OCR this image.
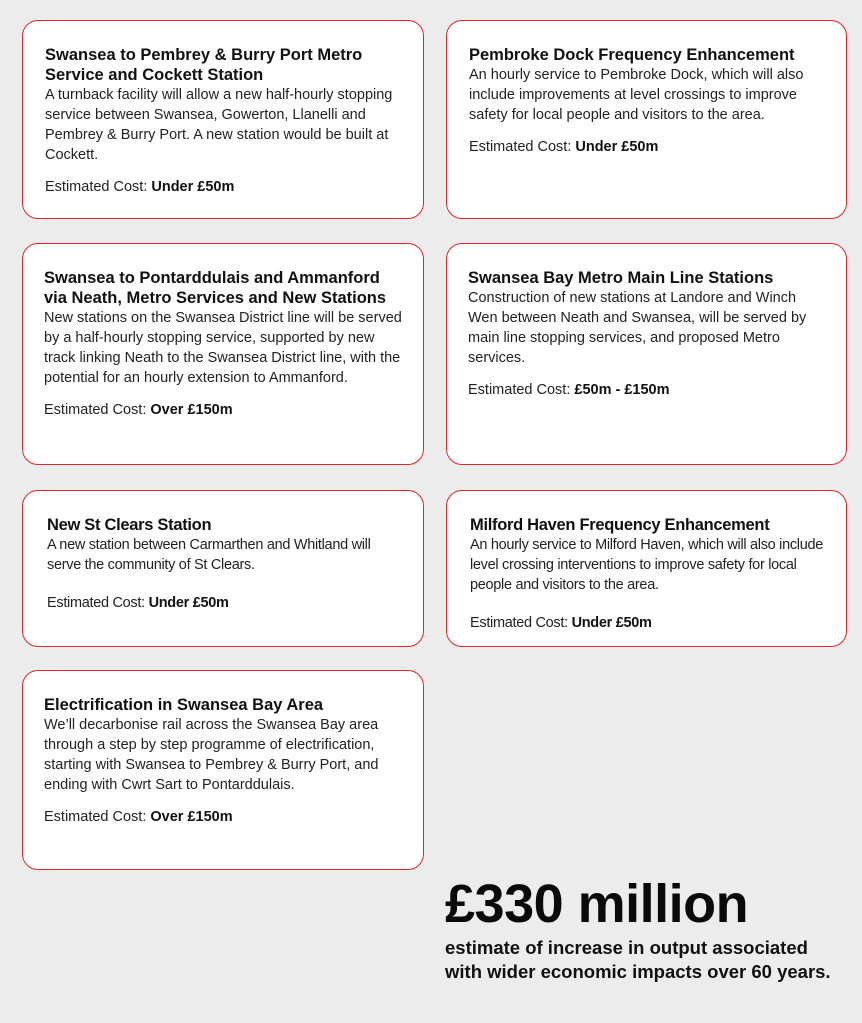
Swansea to Pembrey & Burry Port Metro Service and Cockett Station

A turnback facility will allow a new half-hourly stopping service between Swansea, Gowerton, Llanelli and Pembrey & Burry Port. A new station would be built at Cockett.

Estimated Cost: Under £50m
Pembroke Dock Frequency Enhancement

An hourly service to Pembroke Dock, which will also include improvements at level crossings to improve safety for local people and visitors to the area.

Estimated Cost: Under £50m
Swansea to Pontarddulais and Ammanford via Neath, Metro Services and New Stations

New stations on the Swansea District line will be served by a half-hourly stopping service, supported by new track linking Neath to the Swansea District line, with the potential for an hourly extension to Ammanford.

Estimated Cost: Over £150m
Swansea Bay Metro Main Line Stations

Construction of new stations at Landore and Winch Wen between Neath and Swansea, will be served by main line stopping services, and proposed Metro services.

Estimated Cost: £50m - £150m
New St Clears Station

A new station between Carmarthen and Whitland will serve the community of St Clears.

Estimated Cost: Under £50m
Milford Haven Frequency Enhancement

An hourly service to Milford Haven, which will also include level crossing interventions to improve safety for local people and visitors to the area.

Estimated Cost: Under £50m
Electrification in Swansea Bay Area

We’ll decarbonise rail across the Swansea Bay area through a step by step programme of electrification, starting with Swansea to Pembrey & Burry Port, and ending with Cwrt Sart to Pontarddulais.

Estimated Cost: Over £150m
£330 million
estimate of increase in output associated with wider economic impacts over 60 years.
